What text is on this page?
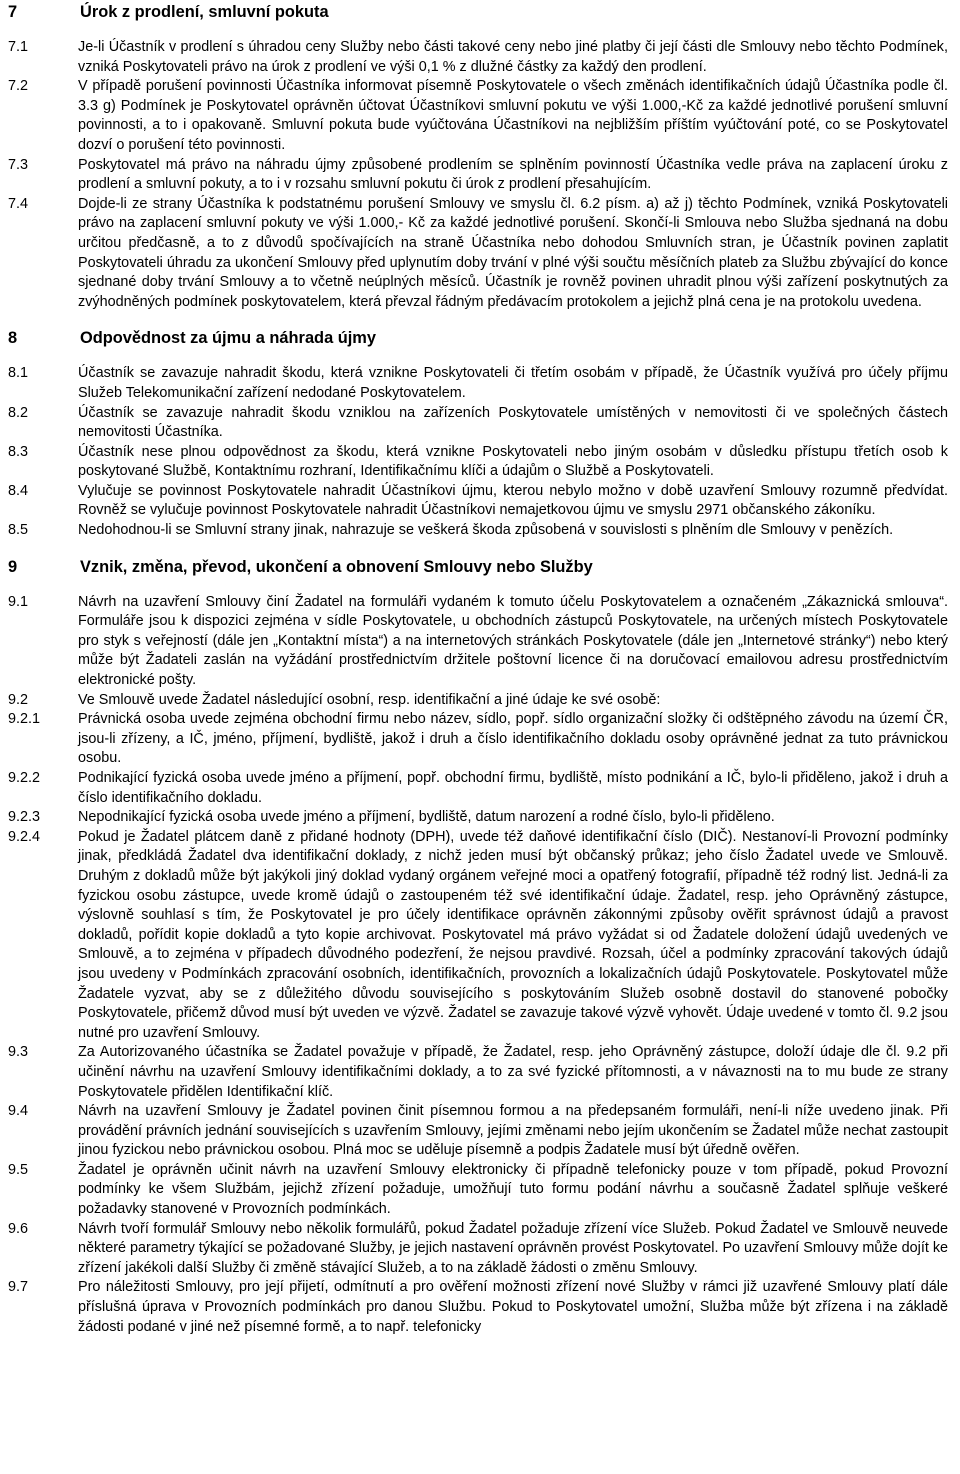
7	Úrok z prodlení, smluvní pokuta
7.1	Je-li Účastník v prodlení s úhradou ceny Služby nebo části takové ceny nebo jiné platby či její části dle Smlouvy nebo těchto Podmínek, vzniká Poskytovateli právo na úrok z prodlení ve výši 0,1 % z dlužné částky za každý den prodlení.
7.2	V případě porušení povinnosti Účastníka informovat písemně Poskytovatele o všech změnách identifikačních údajů Účastníka podle čl. 3.3 g) Podmínek je Poskytovatel oprávněn účtovat Účastníkovi smluvní pokutu ve výši 1.000,-Kč za každé jednotlivé porušení smluvní povinnosti, a to i opakovaně. Smluvní pokuta bude vyúčtována Účastníkovi na nejbližším příštím vyúčtování poté, co se Poskytovatel dozví o porušení této povinnosti.
7.3	Poskytovatel má právo na náhradu újmy způsobené prodlením se splněním povinností Účastníka vedle práva na zaplacení úroku z prodlení a smluvní pokuty, a to i v rozsahu smluvní pokutu či úrok z prodlení přesahujícím.
7.4	Dojde-li ze strany Účastníka k podstatnému porušení Smlouvy ve smyslu čl. 6.2 písm. a) až j) těchto Podmínek, vzniká Poskytovateli právo na zaplacení smluvní pokuty ve výši 1.000,- Kč za každé jednotlivé porušení. Skončí-li Smlouva nebo Služba sjednaná na dobu určitou předčasně, a to z důvodů spočívajících na straně Účastníka nebo dohodou Smluvních stran, je Účastník povinen zaplatit Poskytovateli úhradu za ukončení Smlouvy před uplynutím doby trvání v plné výši součtu měsíčních plateb za Službu zbývající do konce sjednané doby trvání Smlouvy a to včetně neúplných měsíců. Účastník je rovněž povinen uhradit plnou výši zařízení poskytnutých za zvýhodněných podmínek poskytovatelem, která převzal řádným předávacím protokolem a jejichž plná cena je na protokolu uvedena.
8	Odpovědnost za újmu a náhrada újmy
8.1	Účastník se zavazuje nahradit škodu, která vznikne Poskytovateli či třetím osobám v případě, že Účastník využívá pro účely příjmu Služeb Telekomunikační zařízení nedodané Poskytovatelem.
8.2	Účastník se zavazuje nahradit škodu vzniklou na zařízeních Poskytovatele umístěných v nemovitosti či ve společných částech nemovitosti Účastníka.
8.3	Účastník nese plnou odpovědnost za škodu, která vznikne Poskytovateli nebo jiným osobám v důsledku přístupu třetích osob k poskytované Službě, Kontaktnímu rozhraní, Identifikačnímu klíči a údajům o Službě a Poskytovateli.
8.4	Vylučuje se povinnost Poskytovatele nahradit Účastníkovi újmu, kterou nebylo možno v době uzavření Smlouvy rozumně předvídat. Rovněž se vylučuje povinnost Poskytovatele nahradit Účastníkovi nemajetkovou újmu ve smyslu 2971 občanského zákoníku.
8.5	Nedohodnou-li se Smluvní strany jinak, nahrazuje se veškerá škoda způsobená v souvislosti s plněním dle Smlouvy v penězích.
9	Vznik, změna, převod, ukončení a obnovení Smlouvy nebo Služby
9.1	Návrh na uzavření Smlouvy činí Žadatel na formuláři vydaném k tomuto účelu Poskytovatelem a označeném „Zákaznická smlouva“. Formuláře jsou k dispozici zejména v sídle Poskytovatele, u obchodních zástupců Poskytovatele, na určených místech Poskytovatele pro styk s veřejností (dále jen „Kontaktní místa“) a na internetových stránkách Poskytovatele (dále jen „Internetové stránky“) nebo který může být Žadateli zaslán na vyžádání prostřednictvím držitele poštovní licence či na doručovací emailovou adresu prostřednictvím elektronické pošty.
9.2	Ve Smlouvě uvede Žadatel následující osobní, resp. identifikační a jiné údaje ke své osobě:
9.2.1	Právnická osoba uvede zejména obchodní firmu nebo název, sídlo, popř. sídlo organizační složky či odštěpného závodu na území ČR, jsou-li zřízeny, a IČ, jméno, příjmení, bydliště, jakož i druh a číslo identifikačního dokladu osoby oprávněné jednat za tuto právnickou osobu.
9.2.2	Podnikající fyzická osoba uvede jméno a příjmení, popř. obchodní firmu, bydliště, místo podnikání a IČ, bylo-li přiděleno, jakož i druh a číslo identifikačního dokladu.
9.2.3	Nepodnikající fyzická osoba uvede jméno a příjmení, bydliště, datum narození a rodné číslo, bylo-li přiděleno.
9.2.4	Pokud je Žadatel plátcem daně z přidané hodnoty (DPH), uvede též daňové identifikační číslo (DIČ). Nestanoví-li Provozní podmínky jinak, předkládá Žadatel dva identifikační doklady, z nichž jeden musí být občanský průkaz; jeho číslo Žadatel uvede ve Smlouvě. Druhým z dokladů může být jakýkoli jiný doklad vydaný orgánem veřejné moci a opatřený fotografií, případně též rodný list. Jedná-li za fyzickou osobu zástupce, uvede kromě údajů o zastoupeném též své identifikační údaje. Žadatel, resp. jeho Oprávněný zástupce, výslovně souhlasí s tím, že Poskytovatel je pro účely identifikace oprávněn zákonnými způsoby ověřit správnost údajů a pravost dokladů, pořídit kopie dokladů a tyto kopie archivovat. Poskytovatel má právo vyžádat si od Žadatele doložení údajů uvedených ve Smlouvě, a to zejména v případech důvodného podezření, že nejsou pravdivé. Rozsah, účel a podmínky zpracování takových údajů jsou uvedeny v Podmínkách zpracování osobních, identifikačních, provozních a lokalizačních údajů Poskytovatele. Poskytovatel může Žadatele vyzvat, aby se z důležitého důvodu souvisejícího s poskytováním Služeb osobně dostavil do stanovené pobočky Poskytovatele, přičemž důvod musí být uveden ve výzvě. Žadatel se zavazuje takové výzvě vyhovět. Údaje uvedené v tomto čl. 9.2 jsou nutné pro uzavření Smlouvy.
9.3	Za Autorizovaného účastníka se Žadatel považuje v případě, že Žadatel, resp. jeho Oprávněný zástupce, doloží údaje dle čl. 9.2 při učinění návrhu na uzavření Smlouvy identifikačními doklady, a to za své fyzické přítomnosti, a v návaznosti na to mu bude ze strany Poskytovatele přidělen Identifikační klíč.
9.4	Návrh na uzavření Smlouvy je Žadatel povinen činit písemnou formou a na předepsaném formuláři, není-li níže uvedeno jinak. Při provádění právních jednání souvisejících s uzavřením Smlouvy, jejími změnami nebo jejím ukončením se Žadatel může nechat zastoupit jinou fyzickou nebo právnickou osobou. Plná moc se uděluje písemně a podpis Žadatele musí být úředně ověřen.
9.5	Žadatel je oprávněn učinit návrh na uzavření Smlouvy elektronicky či případně telefonicky pouze v tom případě, pokud Provozní podmínky ke všem Službám, jejichž zřízení požaduje, umožňují tuto formu podání návrhu a současně Žadatel splňuje veškeré požadavky stanovené v Provozních podmínkách.
9.6	Návrh tvoří formulář Smlouvy nebo několik formulářů, pokud Žadatel požaduje zřízení více Služeb. Pokud Žadatel ve Smlouvě neuvede některé parametry týkající se požadované Služby, je jejich nastavení oprávněn provést Poskytovatel. Po uzavření Smlouvy může dojít ke zřízení jakékoli další Služby či změně stávající Služeb, a to na základě žádosti o změnu Smlouvy.
9.7	Pro náležitosti Smlouvy, pro její přijetí, odmítnutí a pro ověření možnosti zřízení nové Služby v rámci již uzavřené Smlouvy platí dále příslušná úprava v Provozních podmínkách pro danou Službu. Pokud to Poskytovatel umožní, Služba může být zřízena i na základě žádosti podané v jiné než písemné formě, a to např. telefonicky
